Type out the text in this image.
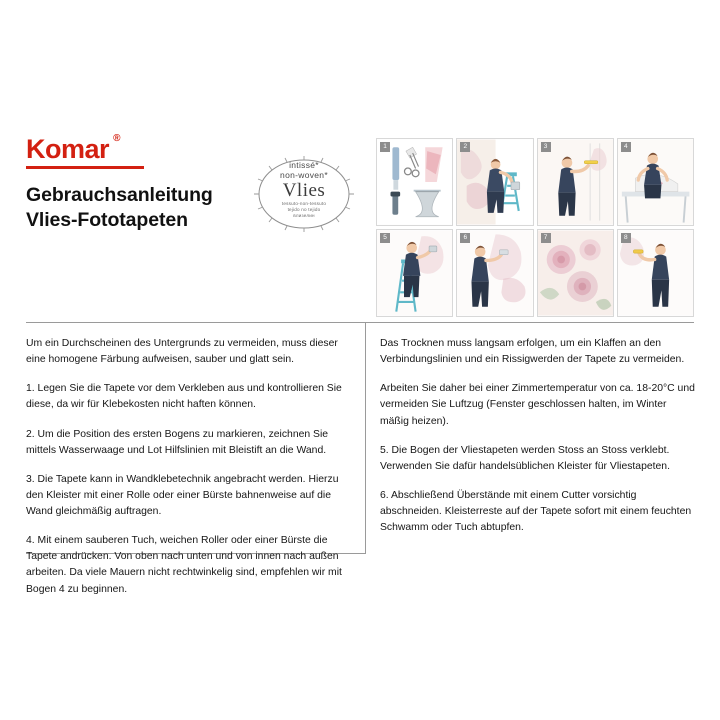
Komar ®
Gebrauchsanleitung
Vlies-Fototapeten
intissé*
non-woven*
Vlies
tessuto-non-tessuto
tejido no tejido
влизелин
1	2	3	4
5	6	7	8

Um ein Durchscheinen des Untergrunds zu vermeiden, muss dieser eine homogene Färbung aufweisen, sauber und glatt sein.

1. Legen Sie die Tapete vor dem Verkleben aus und kontrollieren Sie diese, da wir für Klebekosten nicht haften können.

2. Um die Position des ersten Bogens zu markieren, zeichnen Sie mittels Wasserwaage und Lot Hilfslinien mit Bleistift an die Wand.

3. Die Tapete kann in Wandklebetechnik angebracht werden. Hierzu den Kleister mit einer Rolle oder einer Bürste bahnenweise auf die Wand gleichmäßig auftragen.

4. Mit einem sauberen Tuch, weichen Roller oder einer Bürste die Tapete andrücken. Von oben nach unten und von innen nach außen arbeiten. Da viele Mauern nicht rechtwinkelig sind, empfehlen wir mit Bogen 4 zu beginnen.

Das Trocknen muss langsam erfolgen, um ein Klaffen an den Verbindungslinien und ein Rissigwerden der Tapete zu vermeiden.

Arbeiten Sie daher bei einer Zimmertemperatur von ca. 18-20°C und vermeiden Sie Luftzug (Fenster geschlossen halten, im Winter mäßig heizen).

5. Die Bogen der Vliestapeten werden Stoss an Stoss verklebt. Verwenden Sie dafür handelsüblichen Kleister für Vliestapeten.

6. Abschließend Überstände mit einem Cutter vorsichtig abschneiden. Kleisterreste auf der Tapete sofort mit einem feuchten Schwamm oder Tuch abtupfen.
